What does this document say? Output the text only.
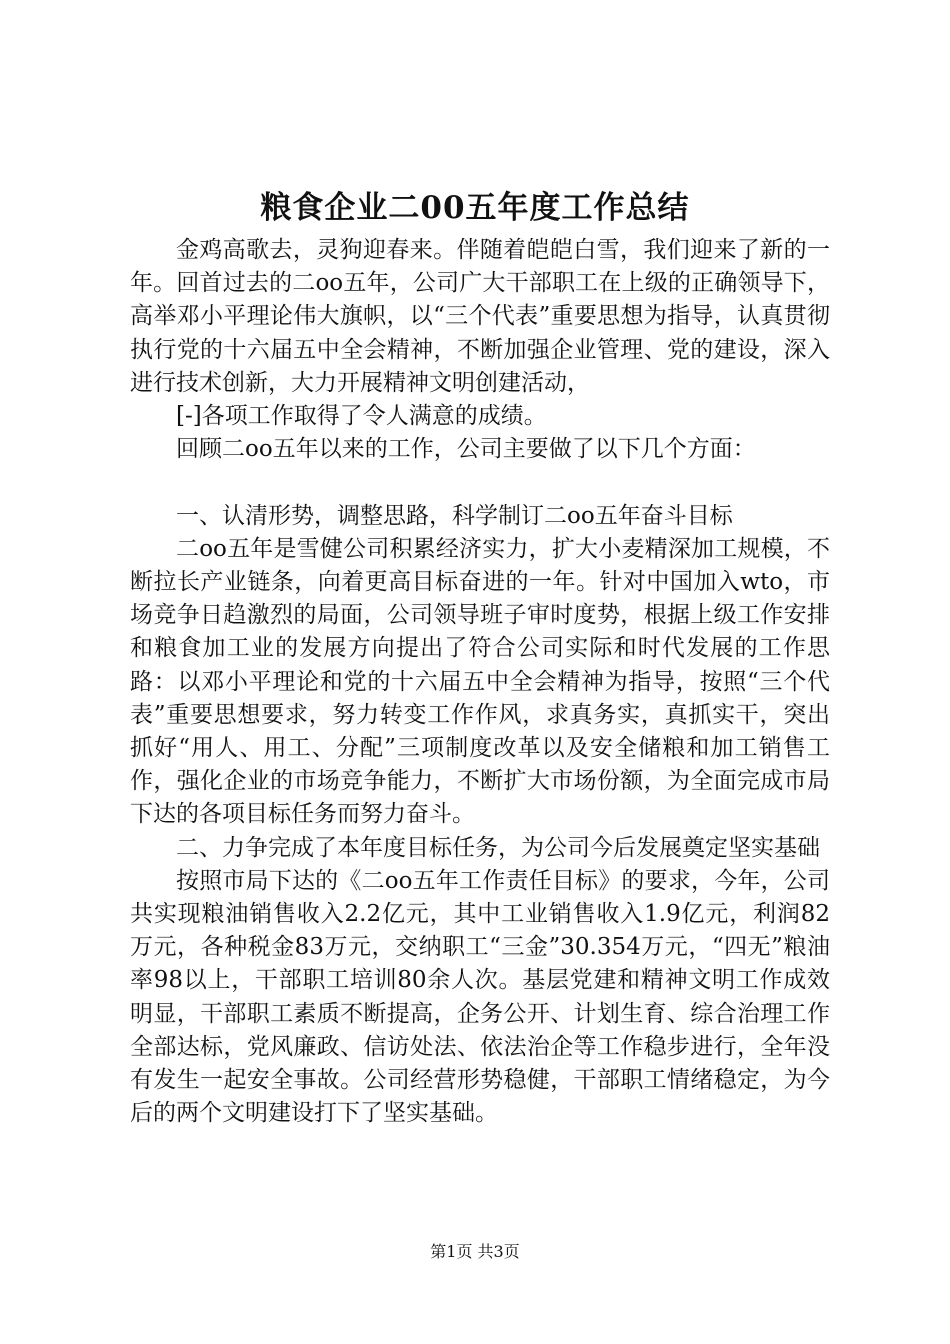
粮食企业二00五年度工作总结

金鸡高歌去，灵狗迎春来。伴随着皑皑白雪，我们迎来了新的一年。回首过去的二oo五年，公司广大干部职工在上级的正确领导下，高举邓小平理论伟大旗帜，以“三个代表”重要思想为指导，认真贯彻执行党的十六届五中全会精神，不断加强企业管理、党的建设，深入进行技术创新，大力开展精神文明创建活动，

[-]各项工作取得了令人满意的成绩。

回顾二oo五年以来的工作，公司主要做了以下几个方面：

一、认清形势，调整思路，科学制订二oo五年奋斗目标

二oo五年是雪健公司积累经济实力，扩大小麦精深加工规模，不断拉长产业链条，向着更高目标奋进的一年。针对中国加入wto，市场竞争日趋激烈的局面，公司领导班子审时度势，根据上级工作安排和粮食加工业的发展方向提出了符合公司实际和时代发展的工作思路：以邓小平理论和党的十六届五中全会精神为指导，按照“三个代表”重要思想要求，努力转变工作作风，求真务实，真抓实干，突出抓好“用人、用工、分配”三项制度改革以及安全储粮和加工销售工作，强化企业的市场竞争能力，不断扩大市场份额，为全面完成市局下达的各项目标任务而努力奋斗。

二、力争完成了本年度目标任务，为公司今后发展奠定坚实基础

按照市局下达的《二oo五年工作责任目标》的要求，今年，公司共实现粮油销售收入2.2亿元，其中工业销售收入1.9亿元，利润82万元，各种税金83万元，交纳职工“三金”30.354万元，“四无”粮油率98以上，干部职工培训80余人次。基层党建和精神文明工作成效明显，干部职工素质不断提高，企务公开、计划生育、综合治理工作全部达标，党风廉政、信访处法、依法治企等工作稳步进行，全年没有发生一起安全事故。公司经营形势稳健，干部职工情绪稳定，为今后的两个文明建设打下了坚实基础。

第1页 共3页
